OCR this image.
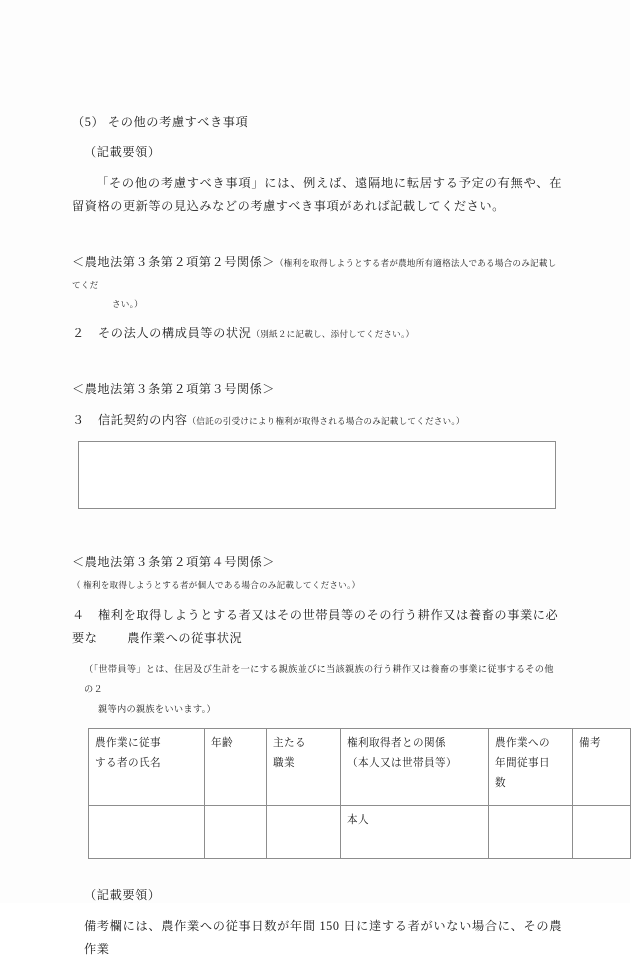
（5） その他の考慮すべき事項
（記載要領）
「その他の考慮すべき事項」には、例えば、遠隔地に転居する予定の有無や、在留資格の更新等の見込みなどの考慮すべき事項があれば記載してください。
＜農地法第３条第２項第２号関係＞（権利を取得しようとする者が農地所有適格法人である場合のみ記載してくだ
さい。）
２ その法人の構成員等の状況（別紙２に記載し、添付してください。）
＜農地法第３条第２項第３号関係＞
３ 信託契約の内容（信託の引受けにより権利が取得される場合のみ記載してください。）
＜農地法第３条第２項第４号関係＞（ 権利を取得しようとする者が個人である場合のみ記載してください。）
４ 権利を取得しようとする者又はその世帯員等のその行う耕作又は養畜の事業に必要な 農作業への従事状況
（「世帯員等」とは、住居及び生計を一にする親族並びに当該親族の行う耕作又は養畜の事業に従事するその他の２
親等内の親族をいいます。）
農作業に従事
する者の氏名	年齢	主たる
職業	権利取得者との関係
（本人又は世帯員等）	農作業への
年間従事日
数	備考

			本人		
（記載要領）
備考欄には、農作業への従事日数が年間 150 日に達する者がいない場合に、その農作業
